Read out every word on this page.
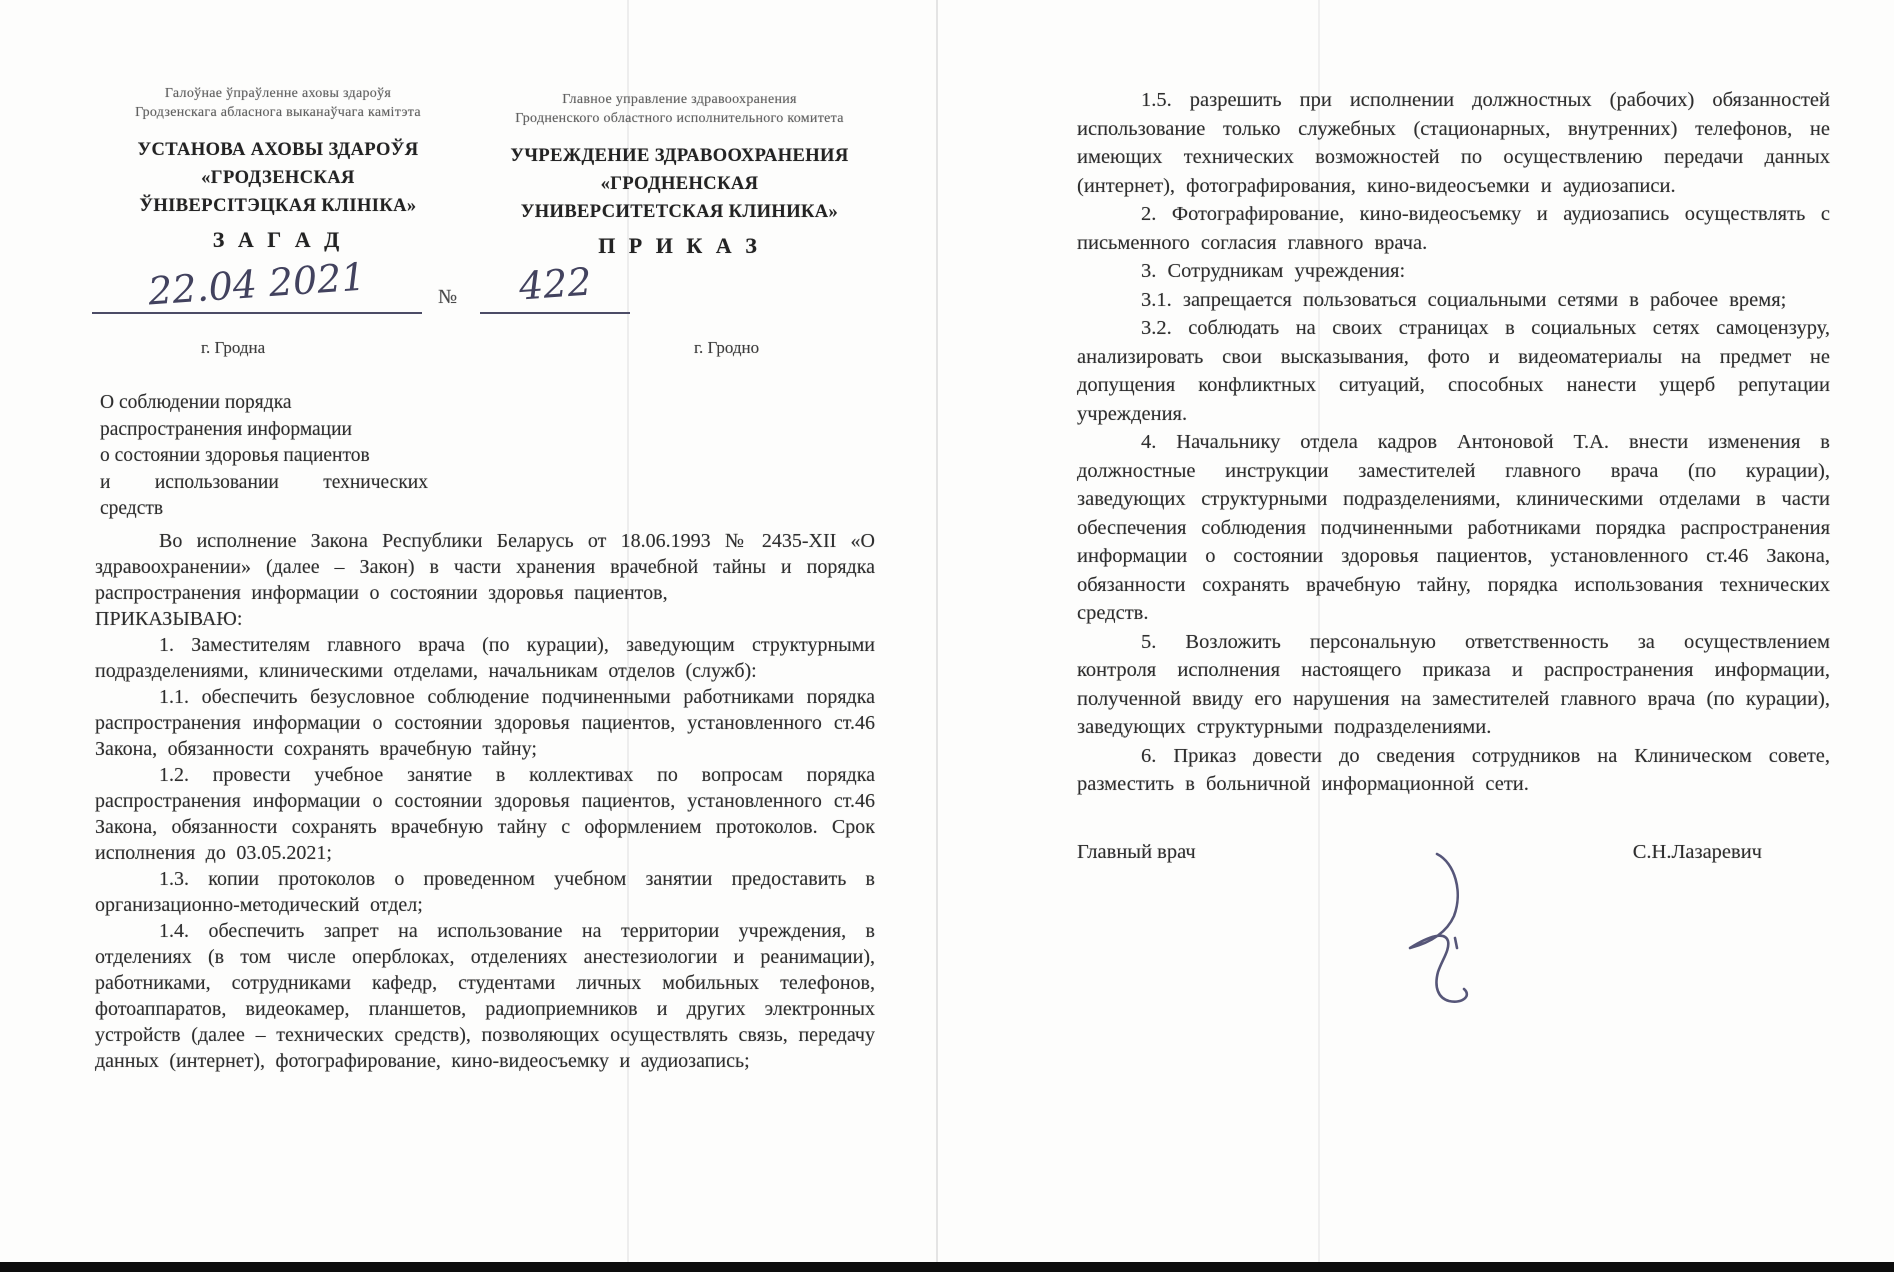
Галоўнае ўпраўленне аховы здароўя
Гродзенскага абласнога выканаўчага камітэта
УСТАНОВА АХОВЫ ЗДАРОЎЯ
«ГРОДЗЕНСКАЯ
ЎНІВЕРСІТЭЦКАЯ КЛІНІКА»
З А Г А Д
Главное управление здравоохранения
Гродненского областного исполнительного комитета
УЧРЕЖДЕНИЕ ЗДРАВООХРАНЕНИЯ
«ГРОДНЕНСКАЯ
УНИВЕРСИТЕТСКАЯ КЛИНИКА»
П Р И К А З
22.04 2021	№	422
г. Гродна	г. Гродно
О соблюдении порядка
распространения информации
о состоянии здоровья пациентов
и использовании технических
средств

Во исполнение Закона Республики Беларусь от 18.06.1993 № 2435-XII «О здравоохранении» (далее – Закон) в части хранения врачебной тайны и порядка распространения информации о состоянии здоровья пациентов,

ПРИКАЗЫВАЮ:

1. Заместителям главного врача (по курации), заведующим структурными подразделениями, клиническими отделами, начальникам отделов (служб):

1.1. обеспечить безусловное соблюдение подчиненными работниками порядка распространения информации о состоянии здоровья пациентов, установленного ст.46 Закона, обязанности сохранять врачебную тайну;

1.2. провести учебное занятие в коллективах по вопросам порядка распространения информации о состоянии здоровья пациентов, установленного ст.46 Закона, обязанности сохранять врачебную тайну с оформлением протоколов. Срок исполнения до 03.05.2021;

1.3. копии протоколов о проведенном учебном занятии предоставить в организационно-методический отдел;

1.4. обеспечить запрет на использование на территории учреждения, в отделениях (в том числе оперблоках, отделениях анестезиологии и реанимации), работниками, сотрудниками кафедр, студентами личных мобильных телефонов, фотоаппаратов, видеокамер, планшетов, радиоприемников и других электронных устройств (далее – технических средств), позволяющих осуществлять связь, передачу данных (интернет), фотографирование, кино-видеосъемку и аудиозапись;

1.5. разрешить при исполнении должностных (рабочих) обязанностей использование только служебных (стационарных, внутренних) телефонов, не имеющих технических возможностей по осуществлению передачи данных (интернет), фотографирования, кино-видеосъемки и аудиозаписи.

2. Фотографирование, кино-видеосъемку и аудиозапись осуществлять с письменного согласия главного врача.

3. Сотрудникам учреждения:

3.1. запрещается пользоваться социальными сетями в рабочее время;

3.2. соблюдать на своих страницах в социальных сетях самоцензуру, анализировать свои высказывания, фото и видеоматериалы на предмет не допущения конфликтных ситуаций, способных нанести ущерб репутации учреждения.

4. Начальнику отдела кадров Антоновой Т.А. внести изменения в должностные инструкции заместителей главного врача (по курации), заведующих структурными подразделениями, клиническими отделами в части обеспечения соблюдения подчиненными работниками порядка распространения информации о состоянии здоровья пациентов, установленного ст.46 Закона, обязанности сохранять врачебную тайну, порядка использования технических средств.

5. Возложить персональную ответственность за осуществлением контроля исполнения настоящего приказа и распространения информации, полученной ввиду его нарушения на заместителей главного врача (по курации), заведующих структурными подразделениями.

6. Приказ довести до сведения сотрудников на Клиническом совете, разместить в больничной информационной сети.

Главный врач	С.Н.Лазаревич
